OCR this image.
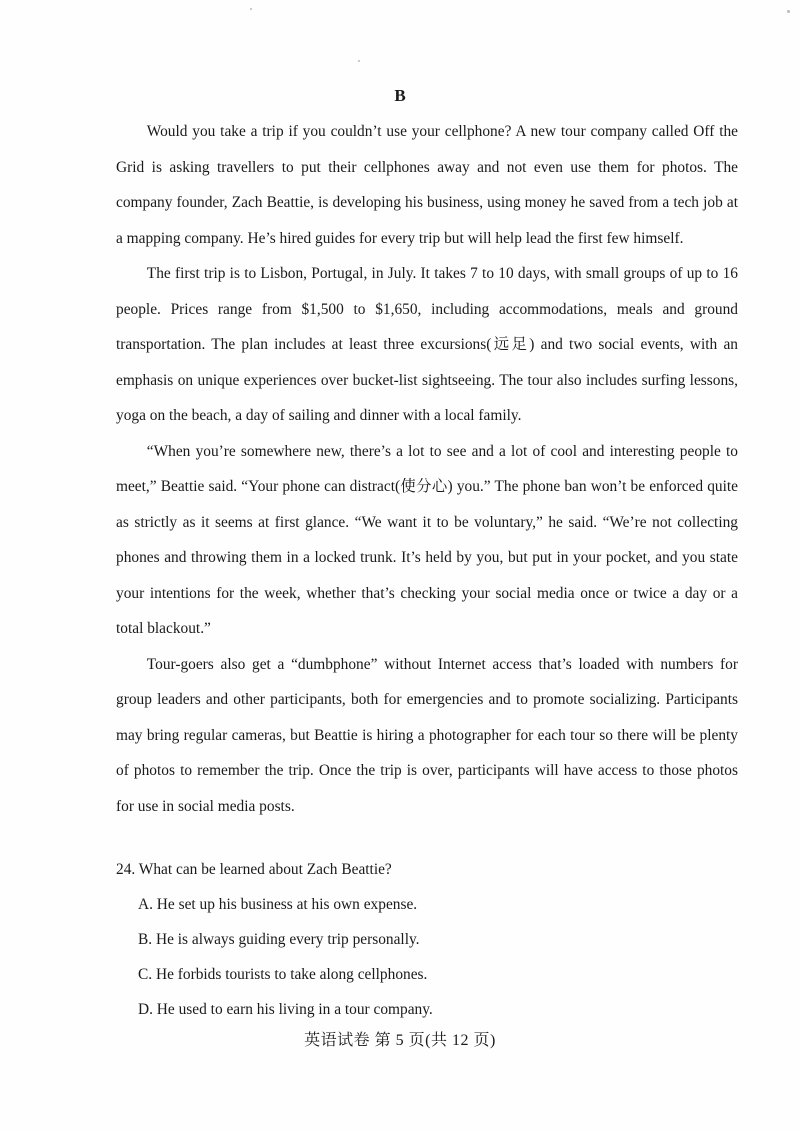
B

Would you take a trip if you couldn’t use your cellphone? A new tour company called Off the Grid is asking travellers to put their cellphones away and not even use them for photos. The company founder, Zach Beattie, is developing his business, using money he saved from a tech job at a mapping company. He’s hired guides for every trip but will help lead the first few himself.

The first trip is to Lisbon, Portugal, in July. It takes 7 to 10 days, with small groups of up to 16 people. Prices range from $1,500 to $1,650, including accommodations, meals and ground transportation. The plan includes at least three excursions(远足) and two social events, with an emphasis on unique experiences over bucket-list sightseeing. The tour also includes surfing lessons, yoga on the beach, a day of sailing and dinner with a local family.

“When you’re somewhere new, there’s a lot to see and a lot of cool and interesting people to meet,” Beattie said. “Your phone can distract(使分心) you.” The phone ban won’t be enforced quite as strictly as it seems at first glance. “We want it to be voluntary,” he said. “We’re not collecting phones and throwing them in a locked trunk. It’s held by you, but put in your pocket, and you state your intentions for the week, whether that’s checking your social media once or twice a day or a total blackout.”

Tour-goers also get a “dumbphone” without Internet access that’s loaded with numbers for group leaders and other participants, both for emergencies and to promote socializing. Participants may bring regular cameras, but Beattie is hiring a photographer for each tour so there will be plenty of photos to remember the trip. Once the trip is over, participants will have access to those photos for use in social media posts.

24. What can be learned about Zach Beattie?

A. He set up his business at his own expense.

B. He is always guiding every trip personally.

C. He forbids tourists to take along cellphones.

D. He used to earn his living in a tour company.

英语试卷 第 5 页(共 12 页)
